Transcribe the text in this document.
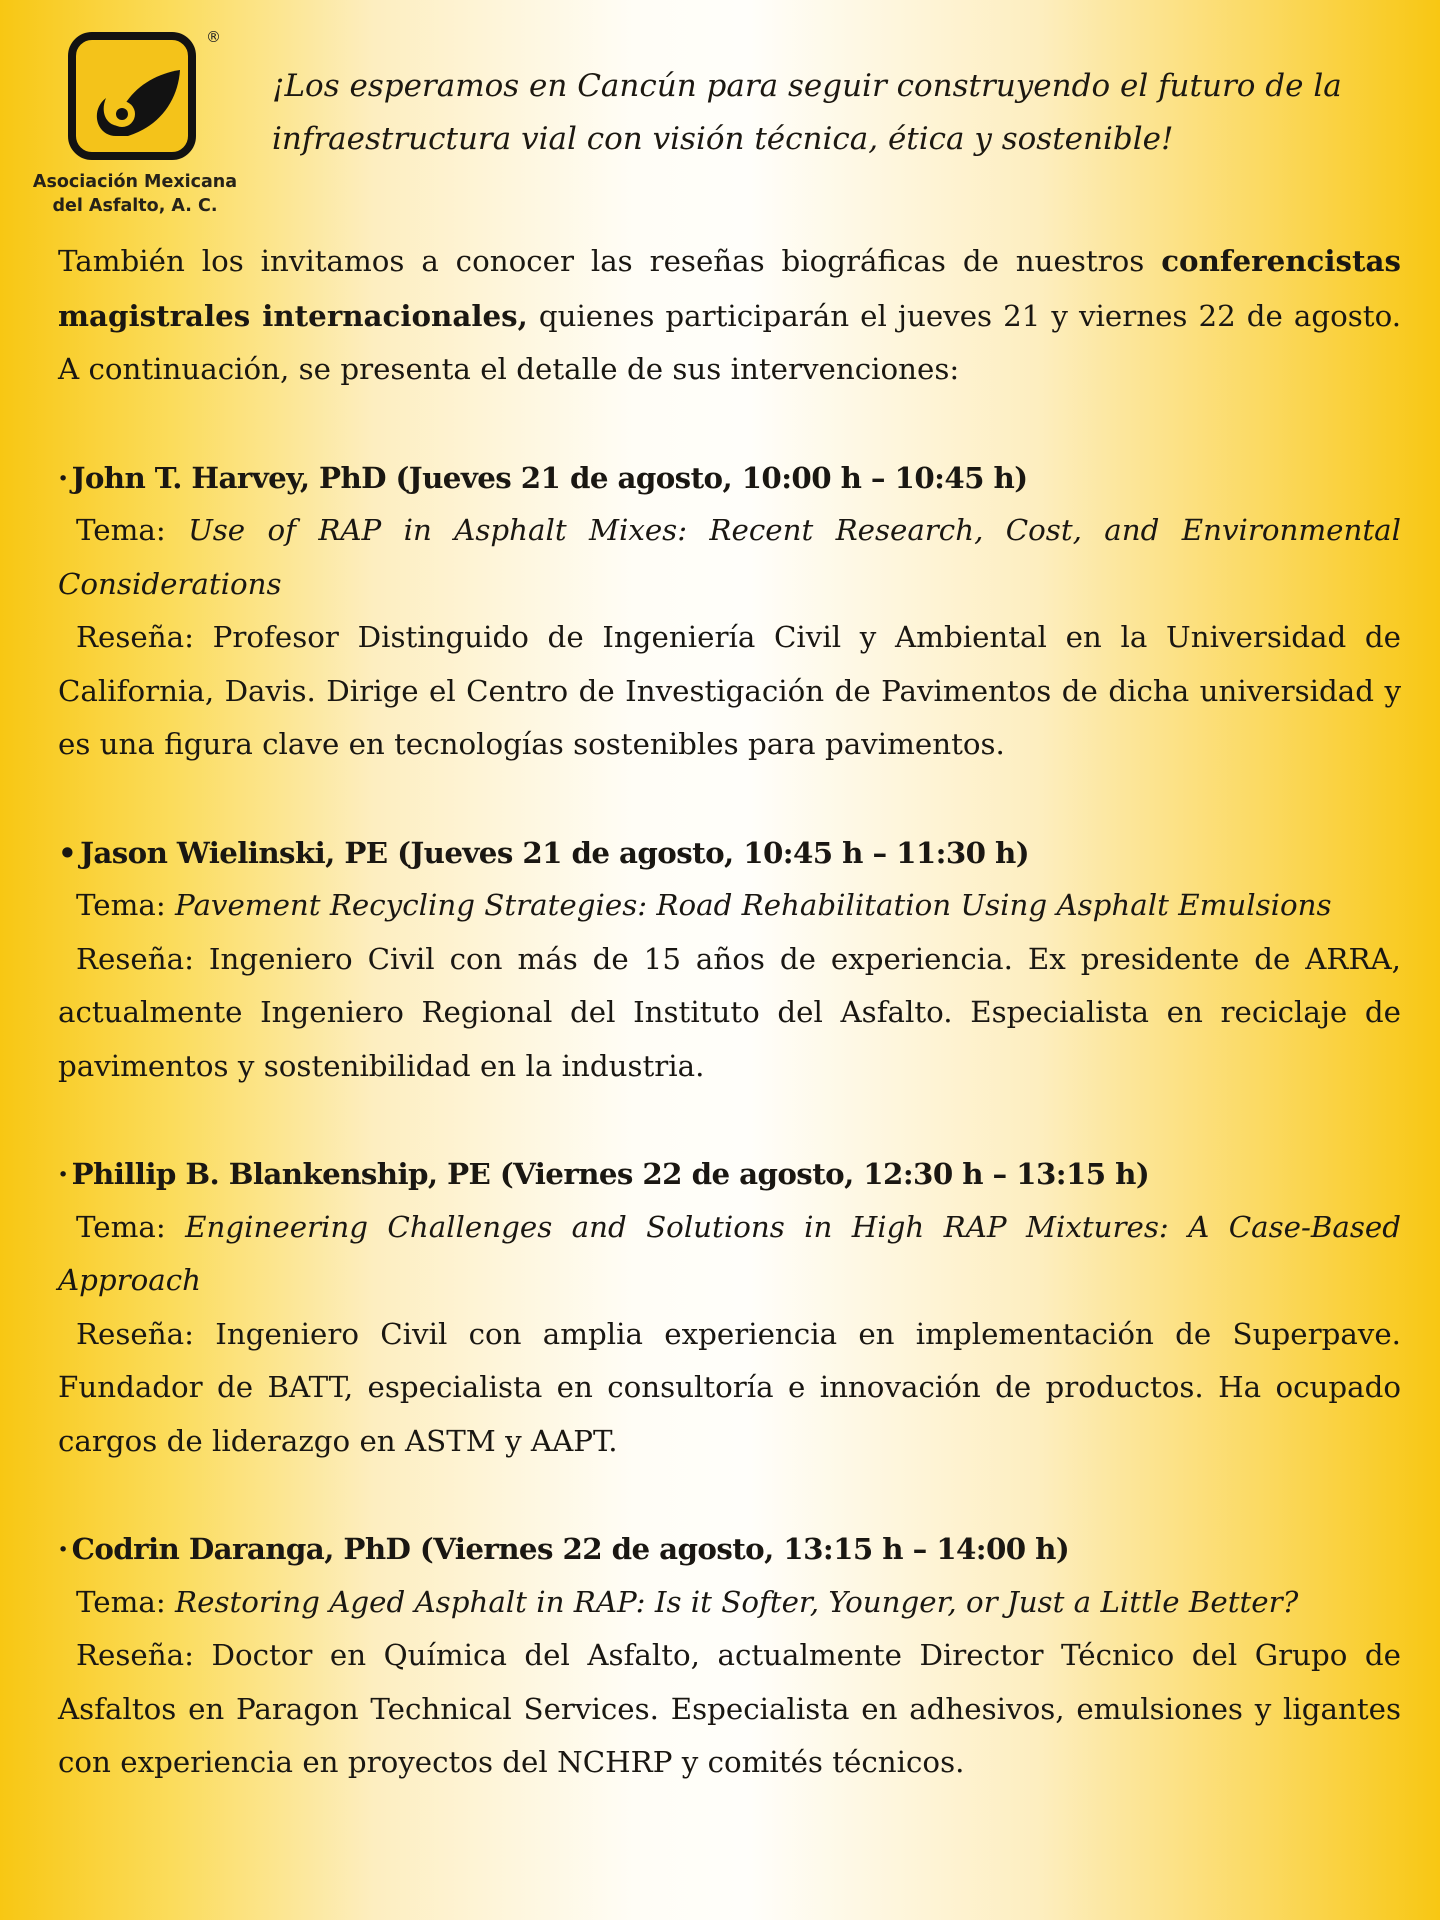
®
Asociación Mexicana
del Asfalto, A. C.
¡Los esperamos en Cancún para seguir construyendo el futuro de la
infraestructura vial con visión técnica, ética y sostenible!

También los invitamos a conocer las reseñas biográficas de nuestros conferencistas magistrales internacionales, quienes participarán el jueves 21 y viernes 22 de agosto. A continuación, se presenta el detalle de sus intervenciones:

· John T. Harvey, PhD (Jueves 21 de agosto, 10:00 h – 10:45 h)

Tema: Use of RAP in Asphalt Mixes: Recent Research, Cost, and Environmental Considerations

Reseña: Profesor Distinguido de Ingeniería Civil y Ambiental en la Universidad de California, Davis. Dirige el Centro de Investigación de Pavimentos de dicha universidad y es una figura clave en tecnologías sostenibles para pavimentos.

• Jason Wielinski, PE (Jueves 21 de agosto, 10:45 h – 11:30 h)

Tema: Pavement Recycling Strategies: Road Rehabilitation Using Asphalt Emulsions

Reseña: Ingeniero Civil con más de 15 años de experiencia. Ex presidente de ARRA, actualmente Ingeniero Regional del Instituto del Asfalto. Especialista en reciclaje de pavimentos y sostenibilidad en la industria.

· Phillip B. Blankenship, PE (Viernes 22 de agosto, 12:30 h – 13:15 h)

Tema: Engineering Challenges and Solutions in High RAP Mixtures: A Case-Based Approach

Reseña: Ingeniero Civil con amplia experiencia en implementación de Superpave. Fundador de BATT, especialista en consultoría e innovación de productos. Ha ocupado cargos de liderazgo en ASTM y AAPT.

· Codrin Daranga, PhD (Viernes 22 de agosto, 13:15 h – 14:00 h)

Tema: Restoring Aged Asphalt in RAP: Is it Softer, Younger, or Just a Little Better?

Reseña: Doctor en Química del Asfalto, actualmente Director Técnico del Grupo de Asfaltos en Paragon Technical Services. Especialista en adhesivos, emulsiones y ligantes con experiencia en proyectos del NCHRP y comités técnicos.
